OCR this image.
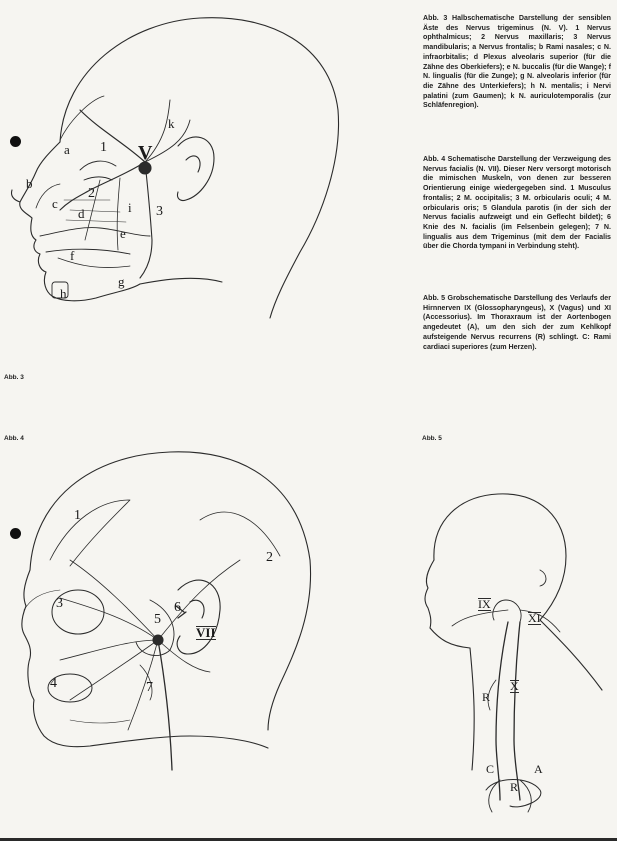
Abb. 3
Abb. 4	Abb. 5
Abb. 3 Halbschematische Darstellung der sensiblen Äste des Nervus trigeminus (N. V). 1 Nervus ophthalmicus; 2 Nervus maxillaris; 3 Nervus mandibularis; a Nervus frontalis; b Rami nasales; c N. infraorbitalis; d Plexus alveolaris superior (für die Zähne des Oberkiefers); e N. buccalis (für die Wange); f N. lingualis (für die Zunge); g N. alveolaris inferior (für die Zähne des Unterkiefers); h N. mentalis; i Nervi palatini (zum Gaumen); k N. auriculotemporalis (zur Schläfenregion).
Abb. 4 Schematische Darstellung der Verzweigung des Nervus facialis (N. VII). Dieser Nerv versorgt motorisch die mimischen Muskeln, von denen zur besseren Orientierung einige wiedergegeben sind. 1 Musculus frontalis; 2 M. occipitalis; 3 M. orbicularis oculi; 4 M. orbicularis oris; 5 Glandula parotis (in der sich der Nervus facialis aufzweigt und ein Geflecht bildet); 6 Knie des N. facialis (im Felsenbein gelegen); 7 N. lingualis aus dem Trigeminus (mit dem der Facialis über die Chorda tympani in Verbindung steht).
Abb. 5 Grobschematische Darstellung des Verlaufs der Hirnnerven IX (Glossopharyngeus), X (Vagus) und XI (Accessorius). Im Thoraxraum ist der Aortenbogen angedeutet (A), um den sich der zum Kehlkopf aufsteigende Nervus recurrens (R) schlingt. C: Rami cardiaci superiores (zum Herzen).
V
1
2
3
a
b
c
d
e
f
g
h
i
k
1
2
3
4
5
6
7
VII
IX
XI
X
R
C	A
R
